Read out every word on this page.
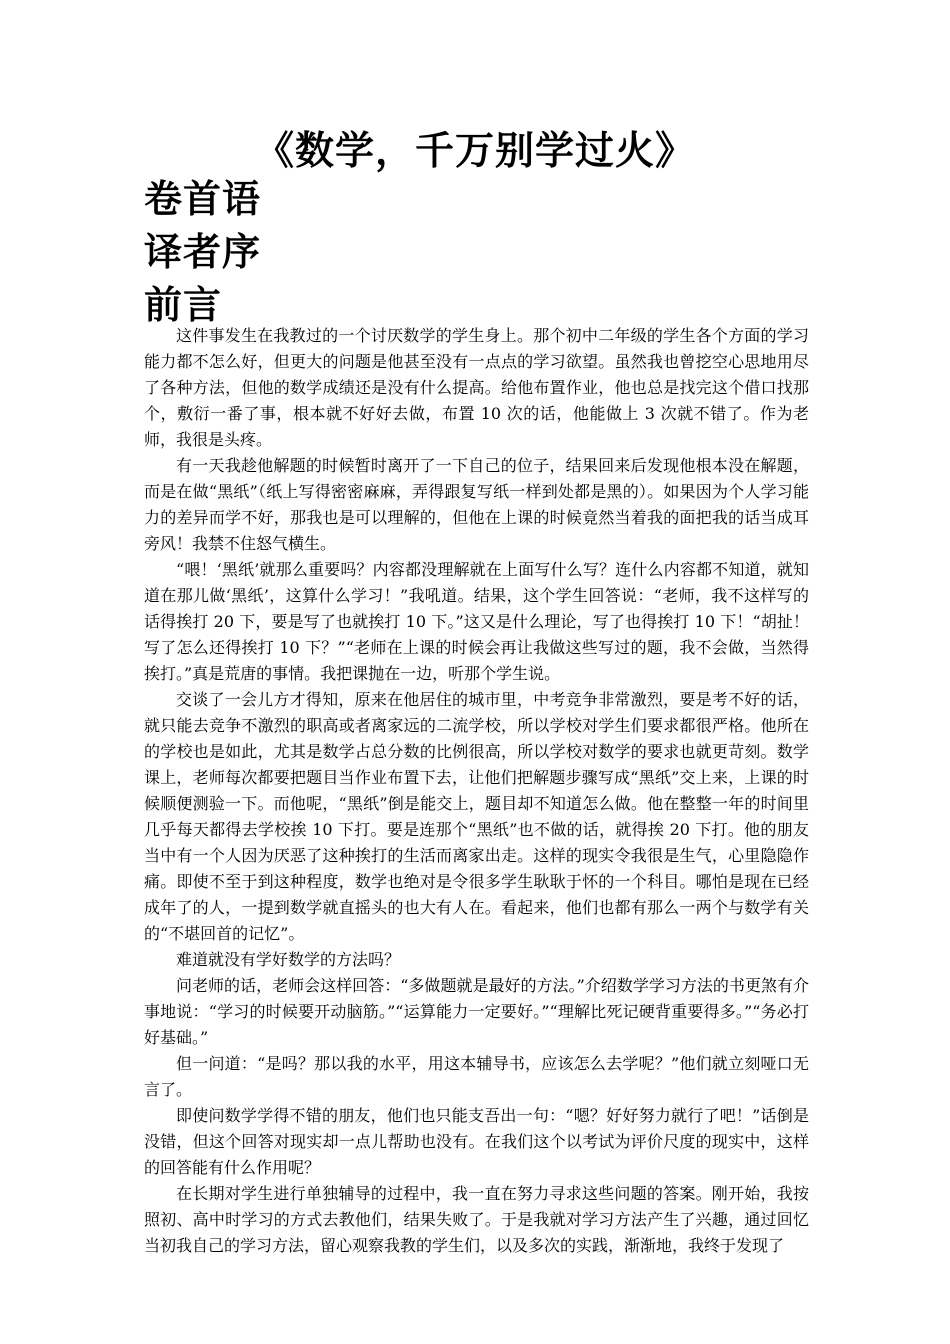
《数学，千万别学过火》
卷首语
译者序
前言

这件事发生在我教过的一个讨厌数学的学生身上。那个初中二年级的学生各个方面的学习能力都不怎么好，但更大的问题是他甚至没有一点点的学习欲望。虽然我也曾挖空心思地用尽了各种方法，但他的数学成绩还是没有什么提高。给他布置作业，他也总是找完这个借口找那个，敷衍一番了事，根本就不好好去做，布置 10 次的话，他能做上 3 次就不错了。作为老师，我很是头疼。

有一天我趁他解题的时候暂时离开了一下自己的位子，结果回来后发现他根本没在解题，而是在做“黑纸”（纸上写得密密麻麻，弄得跟复写纸一样到处都是黑的）。如果因为个人学习能力的差异而学不好，那我也是可以理解的，但他在上课的时候竟然当着我的面把我的话当成耳旁风！我禁不住怒气横生。

“喂！‘黑纸’就那么重要吗？内容都没理解就在上面写什么写？连什么内容都不知道，就知道在那儿做‘黑纸’，这算什么学习！”我吼道。结果，这个学生回答说：“老师，我不这样写的话得挨打 20 下，要是写了也就挨打 10 下。”这又是什么理论，写了也得挨打 10 下！“胡扯！写了怎么还得挨打 10 下？”“老师在上课的时候会再让我做这些写过的题，我不会做，当然得挨打。”真是荒唐的事情。我把课抛在一边，听那个学生说。

交谈了一会儿方才得知，原来在他居住的城市里，中考竞争非常激烈，要是考不好的话，就只能去竞争不激烈的职高或者离家远的二流学校，所以学校对学生们要求都很严格。他所在的学校也是如此，尤其是数学占总分数的比例很高，所以学校对数学的要求也就更苛刻。数学课上，老师每次都要把题目当作业布置下去，让他们把解题步骤写成“黑纸”交上来，上课的时候顺便测验一下。而他呢，“黑纸”倒是能交上，题目却不知道怎么做。他在整整一年的时间里几乎每天都得去学校挨 10 下打。要是连那个“黑纸”也不做的话，就得挨 20 下打。他的朋友当中有一个人因为厌恶了这种挨打的生活而离家出走。这样的现实令我很是生气，心里隐隐作痛。即使不至于到这种程度，数学也绝对是令很多学生耿耿于怀的一个科目。哪怕是现在已经成年了的人，一提到数学就直摇头的也大有人在。看起来，他们也都有那么一两个与数学有关的“不堪回首的记忆”。

难道就没有学好数学的方法吗？

问老师的话，老师会这样回答：“多做题就是最好的方法。”介绍数学学习方法的书更煞有介事地说：“学习的时候要开动脑筋。”“运算能力一定要好。”“理解比死记硬背重要得多。”“务必打好基础。”

但一问道：“是吗？那以我的水平，用这本辅导书，应该怎么去学呢？”他们就立刻哑口无言了。

即使问数学学得不错的朋友，他们也只能支吾出一句：“嗯？好好努力就行了吧！”话倒是没错，但这个回答对现实却一点儿帮助也没有。在我们这个以考试为评价尺度的现实中，这样的回答能有什么作用呢？

在长期对学生进行单独辅导的过程中，我一直在努力寻求这些问题的答案。刚开始，我按照初、高中时学习的方式去教他们，结果失败了。于是我就对学习方法产生了兴趣，通过回忆当初我自己的学习方法，留心观察我教的学生们，以及多次的实践，渐渐地，我终于发现了
